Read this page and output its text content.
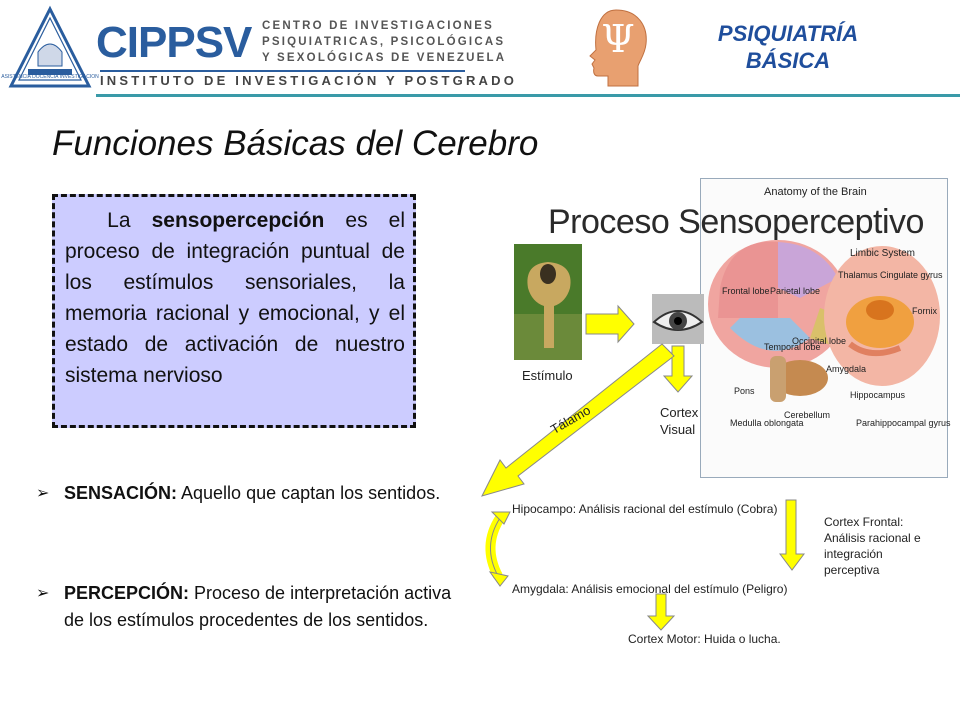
ASISTENCIA DOCENCIA INVESTIGACION
CIPPSV CENTRO DE INVESTIGACIONES
PSIQUIATRICAS, PSICOLÓGICAS
Y SEXOLÓGICAS DE VENEZUELA
INSTITUTO DE INVESTIGACIÓN Y POSTGRADO
Ψ	PSIQUIATRÍA
BÁSICA
Funciones Básicas del Cerebro
La sensopercepción es el proceso de integración puntual de los estímulos sensoriales, la memoria racional y emocional, y el estado de activación de nuestro sistema nervioso
➢ SENSACIÓN: Aquello que captan los sentidos.
➢ PERCEPCIÓN: Proceso de interpretación activa de los estímulos procedentes de los sentidos.
Anatomy of the Brain
Frontal lobe Parietal lobe
Occipital lobe
Temporal lobe
Pons
Medulla oblongata
Cerebellum
Limbic System
Thalamus Cingulate gyrus
Fornix
Amygdala
Hippocampus
Parahippocampal gyrus
Proceso Sensoperceptivo
Estímulo
Cortex
Visual
Tálamo
Hipocampo: Análisis racional del estímulo (Cobra)
Amygdala: Análisis emocional del estímulo (Peligro)
Cortex Frontal:
Análisis racional e
integración
perceptiva
Cortex Motor: Huida o lucha.
